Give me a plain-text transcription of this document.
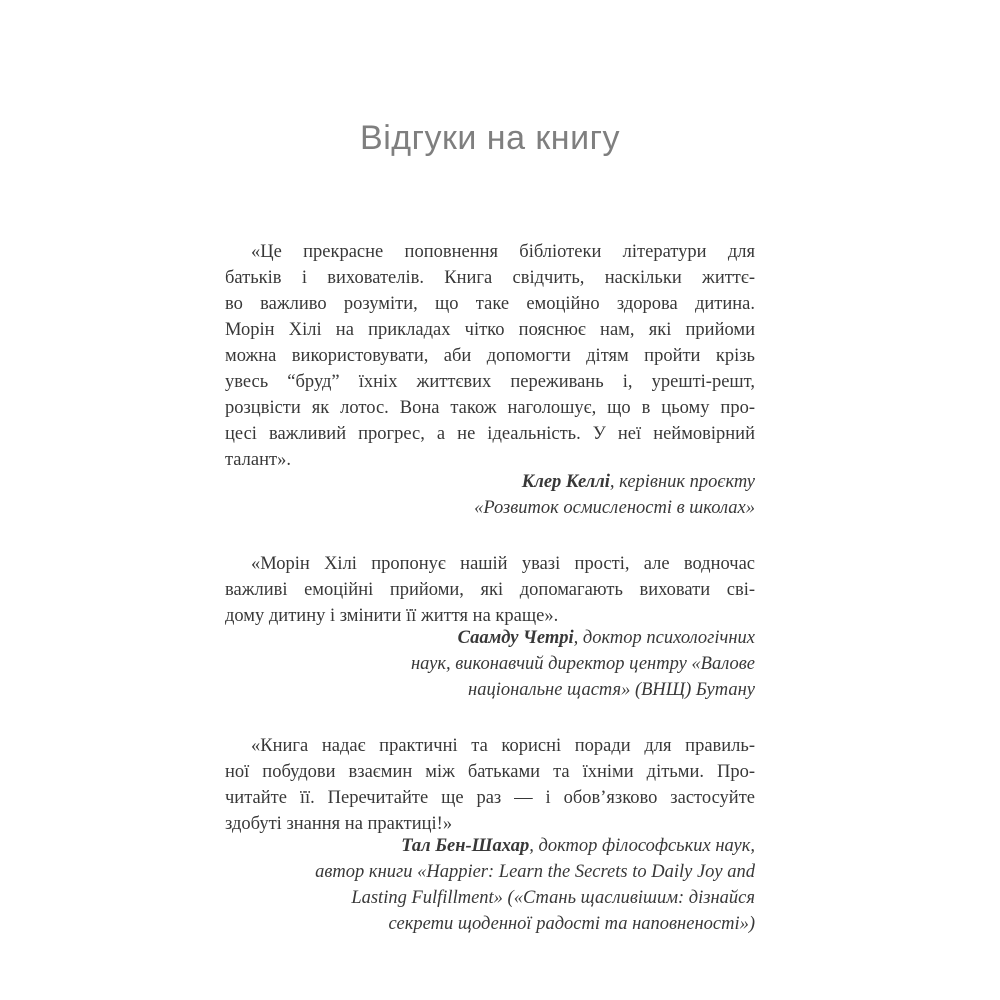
Відгуки на книгу
«Це прекрасне поповнення бібліотеки літератури для
батьків і вихователів. Книга свідчить, наскільки життє-
во важливо розуміти, що таке емоційно здорова дитина.
Морін Хілі на прикладах чітко пояснює нам, які прийоми
можна використовувати, аби допомогти дітям пройти крізь
увесь “бруд” їхніх життєвих переживань і, урешті-решт,
розцвісти як лотос. Вона також наголошує, що в цьому про-
цесі важливий прогрес, а не ідеальність. У неї неймовірний
талант».
Клер Келлі, керівник проєкту
«Розвиток осмисленості в школах»
«Морін Хілі пропонує нашій увазі прості, але водночас
важливі емоційні прийоми, які допомагають виховати сві-
дому дитину і змінити її життя на краще».
Саамду Четрі, доктор психологічних
наук, виконавчий директор центру «Валове
національне щастя» (ВНЩ) Бутану
«Книга надає практичні та корисні поради для правиль-
ної побудови взаємин між батьками та їхніми дітьми. Про-
читайте її. Перечитайте ще раз — і обов’язково застосуйте
здобуті знання на практиці!»
Тал Бен-Шахар, доктор філософських наук,
автор книги «Happier: Learn the Secrets to Daily Joy and
Lasting Fulfillment» («Стань щасливішим: дізнайся
секрети щоденної радості та наповненості»)
